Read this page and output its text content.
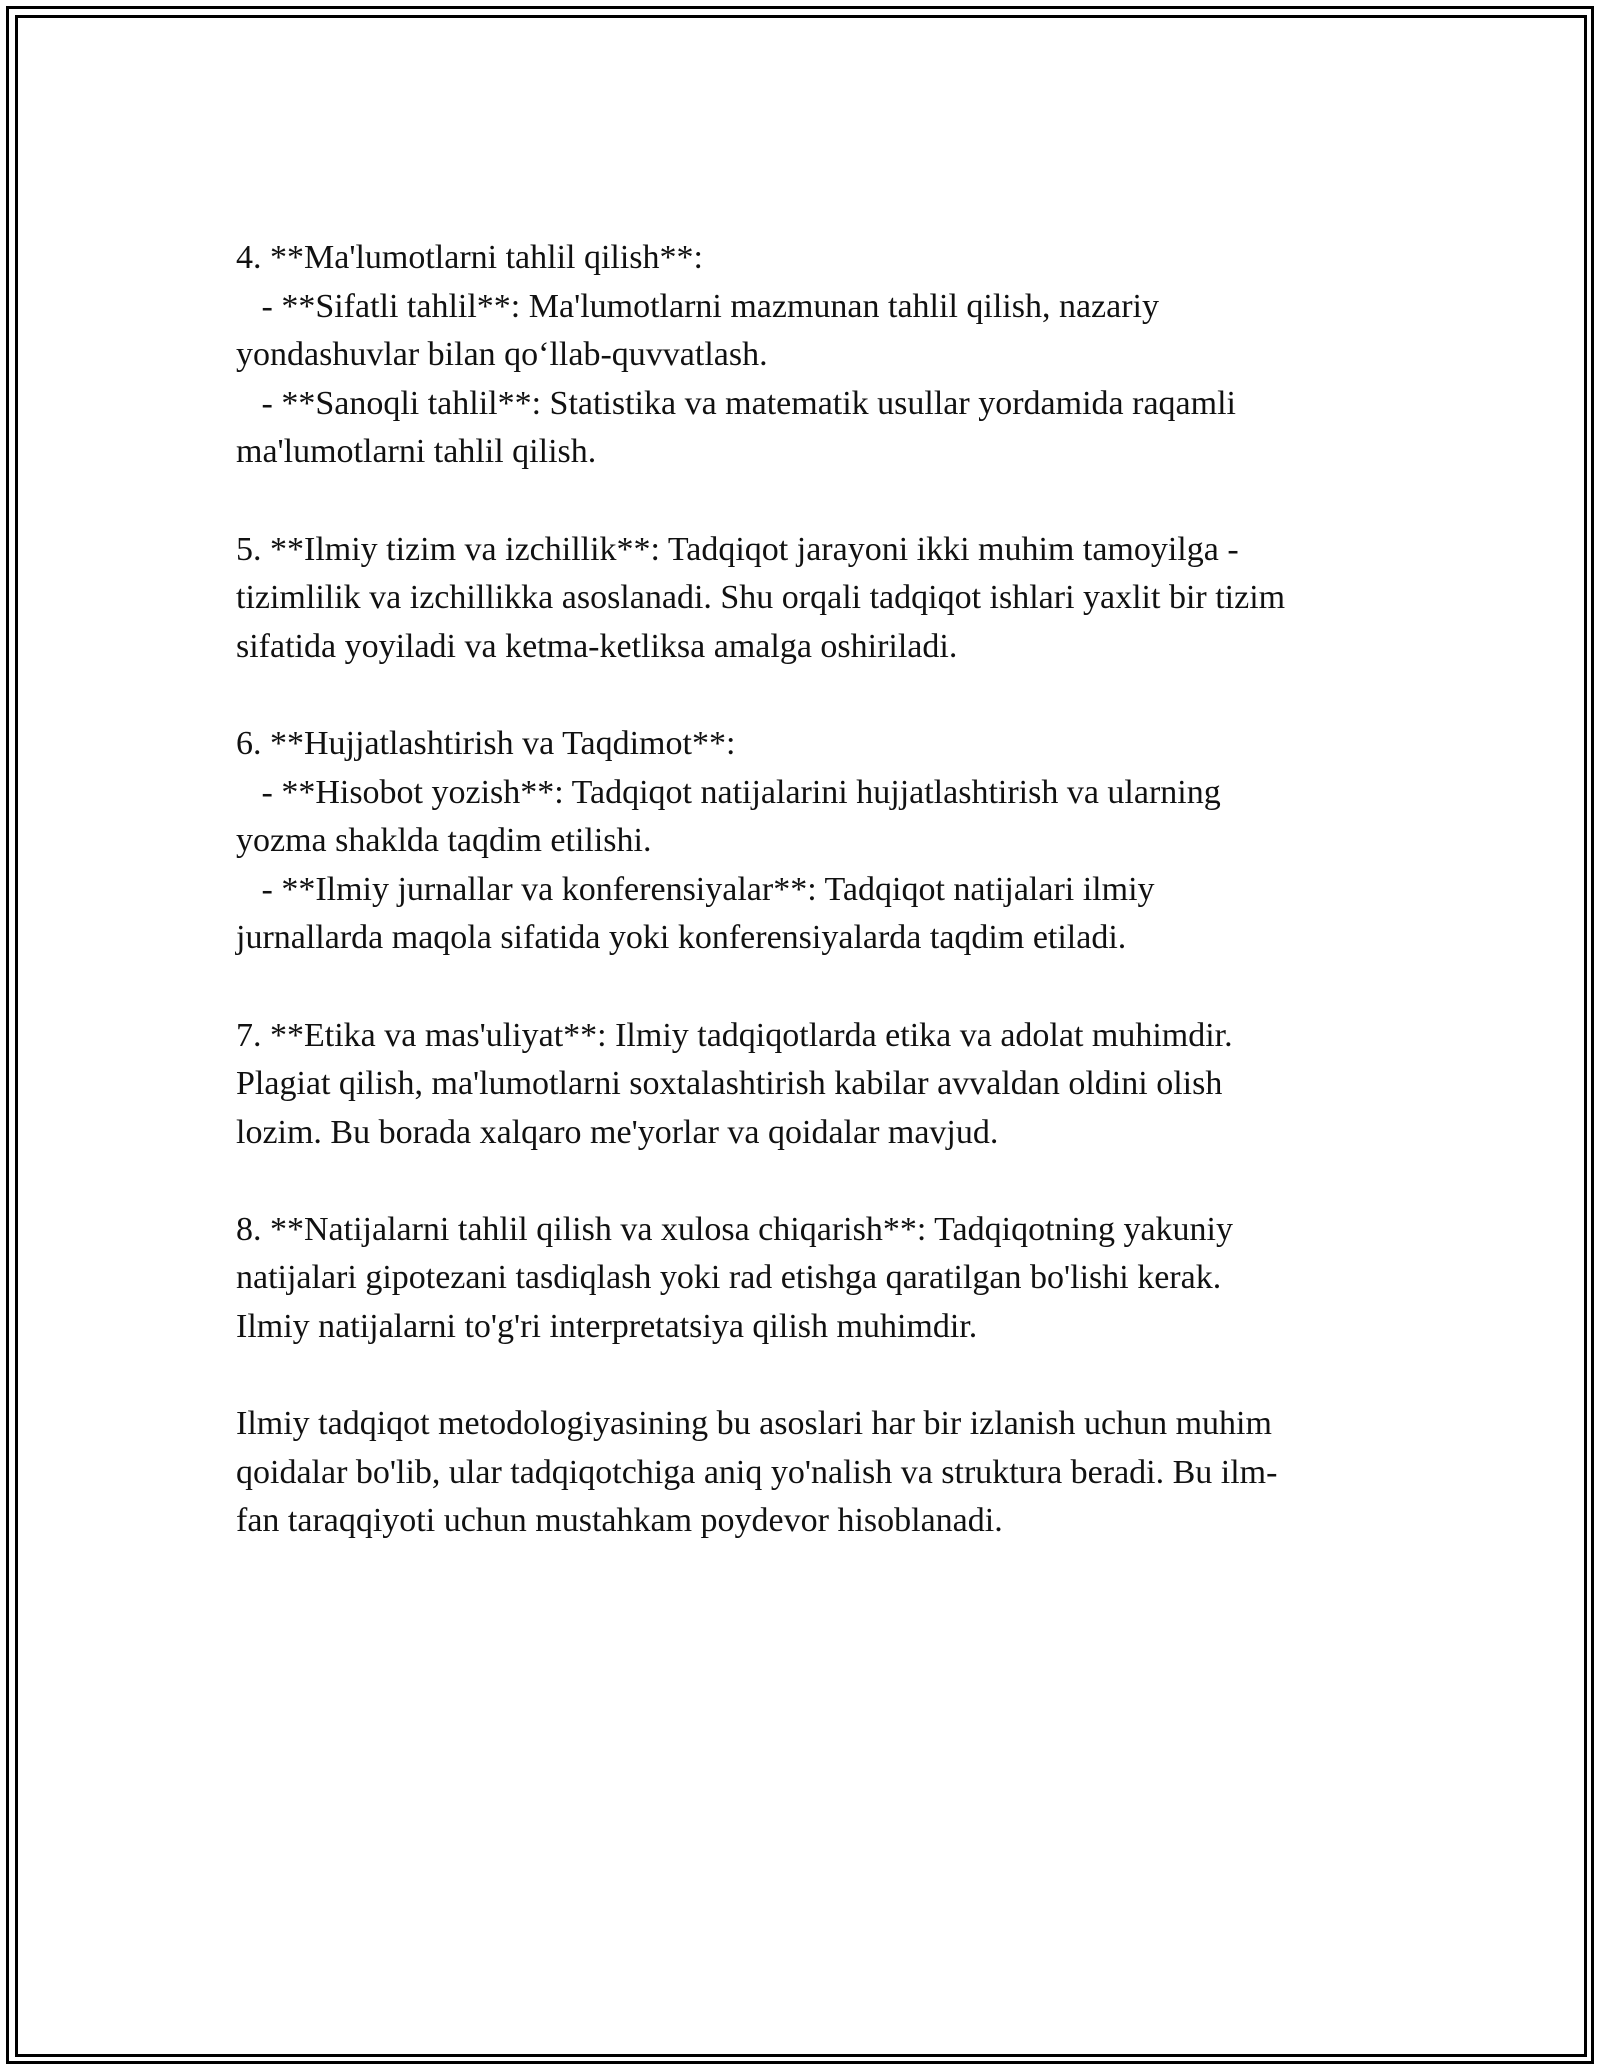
4. **Ma'lumotlarni tahlil qilish**:
- **Sifatli tahlil**: Ma'lumotlarni mazmunan tahlil qilish, nazariy
yondashuvlar bilan qo‘llab-quvvatlash.
- **Sanoqli tahlil**: Statistika va matematik usullar yordamida raqamli
ma'lumotlarni tahlil qilish.
5. **Ilmiy tizim va izchillik**: Tadqiqot jarayoni ikki muhim tamoyilga -
tizimlilik va izchillikka asoslanadi. Shu orqali tadqiqot ishlari yaxlit bir tizim
sifatida yoyiladi va ketma-ketliksa amalga oshiriladi.
6. **Hujjatlashtirish va Taqdimot**:
- **Hisobot yozish**: Tadqiqot natijalarini hujjatlashtirish va ularning
yozma shaklda taqdim etilishi.
- **Ilmiy jurnallar va konferensiyalar**: Tadqiqot natijalari ilmiy
jurnallarda maqola sifatida yoki konferensiyalarda taqdim etiladi.
7. **Etika va mas'uliyat**: Ilmiy tadqiqotlarda etika va adolat muhimdir.
Plagiat qilish, ma'lumotlarni soxtalashtirish kabilar avvaldan oldini olish
lozim. Bu borada xalqaro me'yorlar va qoidalar mavjud.
8. **Natijalarni tahlil qilish va xulosa chiqarish**: Tadqiqotning yakuniy
natijalari gipotezani tasdiqlash yoki rad etishga qaratilgan bo'lishi kerak.
Ilmiy natijalarni to'g'ri interpretatsiya qilish muhimdir.
Ilmiy tadqiqot metodologiyasining bu asoslari har bir izlanish uchun muhim
qoidalar bo'lib, ular tadqiqotchiga aniq yo'nalish va struktura beradi. Bu ilm-
fan taraqqiyoti uchun mustahkam poydevor hisoblanadi.
